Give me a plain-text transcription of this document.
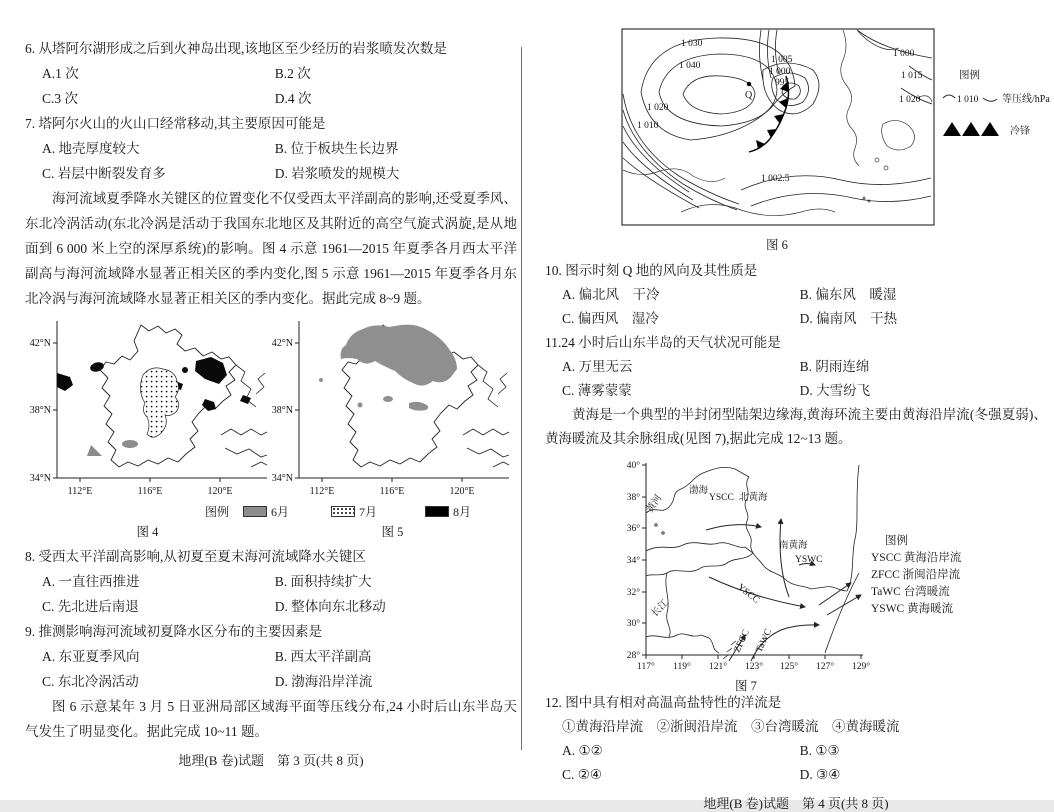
6. 从塔阿尔湖形成之后到火神岛出现,该地区至少经历的岩浆喷发次数是
A.1 次	B.2 次
C.3 次	D.4 次
7. 塔阿尔火山的火山口经常移动,其主要原因可能是
A. 地壳厚度较大	B. 位于板块生长边界
C. 岩层中断裂发育多	D. 岩浆喷发的规模大
海河流域夏季降水关键区的位置变化不仅受西太平洋副高的影响,还受夏季风、东北冷涡活动(东北冷涡是活动于我国东北地区及其附近的高空气旋式涡旋,是从地面到 6 000 米上空的深厚系统)的影响。图 4 示意 1961—2015 年夏季各月西太平洋副高与海河流域降水显著正相关区的季内变化,图 5 示意 1961—2015 年夏季各月东北冷涡与海河流域降水显著正相关区的季内变化。据此完成 8~9 题。
42°N
38°N
34°N
112°E	116°E	120°E
42°N
38°N
34°N
112°E	116°E	120°E
图例	6月	7月	8月
图 4	图 5
8. 受西太平洋副高影响,从初夏至夏末海河流域降水关键区
A. 一直往西推进	B. 面积持续扩大
C. 先北进后南退	D. 整体向东北移动
9. 推测影响海河流域初夏降水区分布的主要因素是
A. 东亚夏季风向	B. 西太平洋副高
C. 东北冷涡活动	D. 渤海沿岸洋流
图 6 示意某年 3 月 5 日亚洲局部区域海平面等压线分布,24 小时后山东半岛天气发生了明显变化。据此完成 10~11 题。
地理(B 卷)试题　第 3 页(共 8 页)
Q
1 030
1 040
1 020
1 010
1 005
1 000
995
1 002.5
1 000
1 015
1 020
图例
1 010 等压线/hPa
冷锋
图 6
10. 图示时刻 Q 地的风向及其性质是
A. 偏北风　干冷	B. 偏东风　暖湿
C. 偏西风　湿冷	D. 偏南风　干热
11.24 小时后山东半岛的天气状况可能是
A. 万里无云	B. 阴雨连绵
C. 薄雾蒙蒙	D. 大雪纷飞
黄海是一个典型的半封闭型陆架边缘海,黄海环流主要由黄海沿岸流(冬强夏弱)、黄海暖流及其余脉组成(见图 7),据此完成 12~13 题。
40°
38°
36°
34°
32°
30°
28°
117° 119° 121° 123° 125° 127° 129°
渤海
黄河	YSCC 北黄海
南黄海
YSWC
YSCC
长江
ZFCC TaWC
图例
YSCC 黄海沿岸流
ZFCC 浙闽沿岸流
TaWC 台湾暖流
YSWC 黄海暖流
图 7
12. 图中具有相对高温高盐特性的洋流是
①黄海沿岸流　②浙闽沿岸流　③台湾暖流　④黄海暖流
A. ①②	B. ①③
C. ②④	D. ③④
地理(B 卷)试题　第 4 页(共 8 页)
